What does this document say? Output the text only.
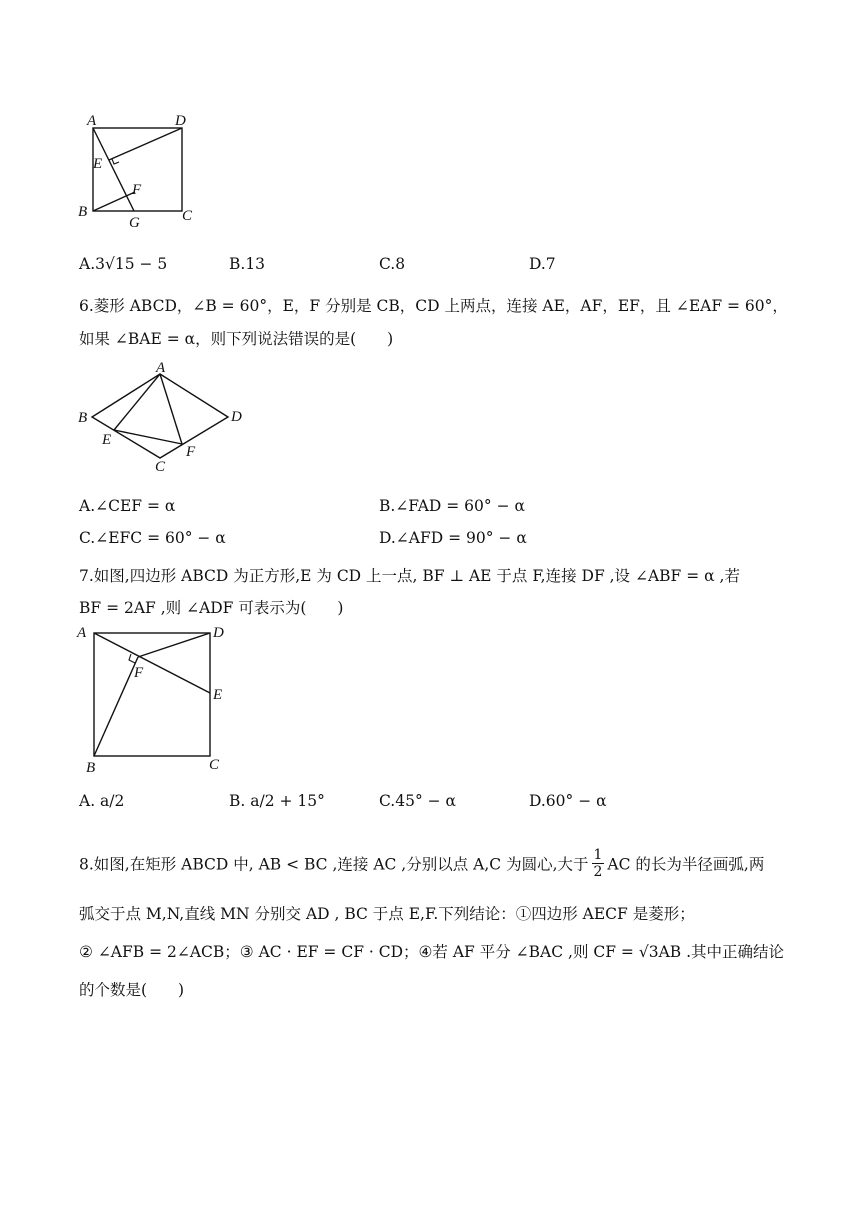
A	D
E
F
B
G	C
A.3√15 − 5	B.13	C.8	D.7
6.菱形 ABCD，∠B = 60°，E，F 分别是 CB，CD 上两点，连接 AE，AF，EF，且 ∠EAF = 60°，
如果 ∠BAE = α，则下列说法错误的是(　　)
A
B	D
E
F
C
A.∠CEF = α	B.∠FAD = 60° − α
C.∠EFC = 60° − α	D.∠AFD = 90° − α
7.如图,四边形 ABCD 为正方形,E 为 CD 上一点, BF ⊥ AE 于点 F,连接 DF ,设 ∠ABF = α ,若
BF = 2AF ,则 ∠ADF 可表示为(　　)
A	D
F
E
B	C
A. a/2	B. a/2 + 15°	C.45° − α	D.60° − α
8.如图,在矩形 ABCD 中, AB < BC ,连接 AC ,分别以点 A,C 为圆心,大于 $\frac{1}{2}$ AC 的长为半径画弧,两
弧交于点 M,N,直线 MN 分别交 AD , BC 于点 E,F.下列结论：①四边形 AECF 是菱形；
② ∠AFB = 2∠ACB；③ AC · EF = CF · CD；④若 AF 平分 ∠BAC ,则 CF = √3AB .其中正确结论
的个数是(　　)
